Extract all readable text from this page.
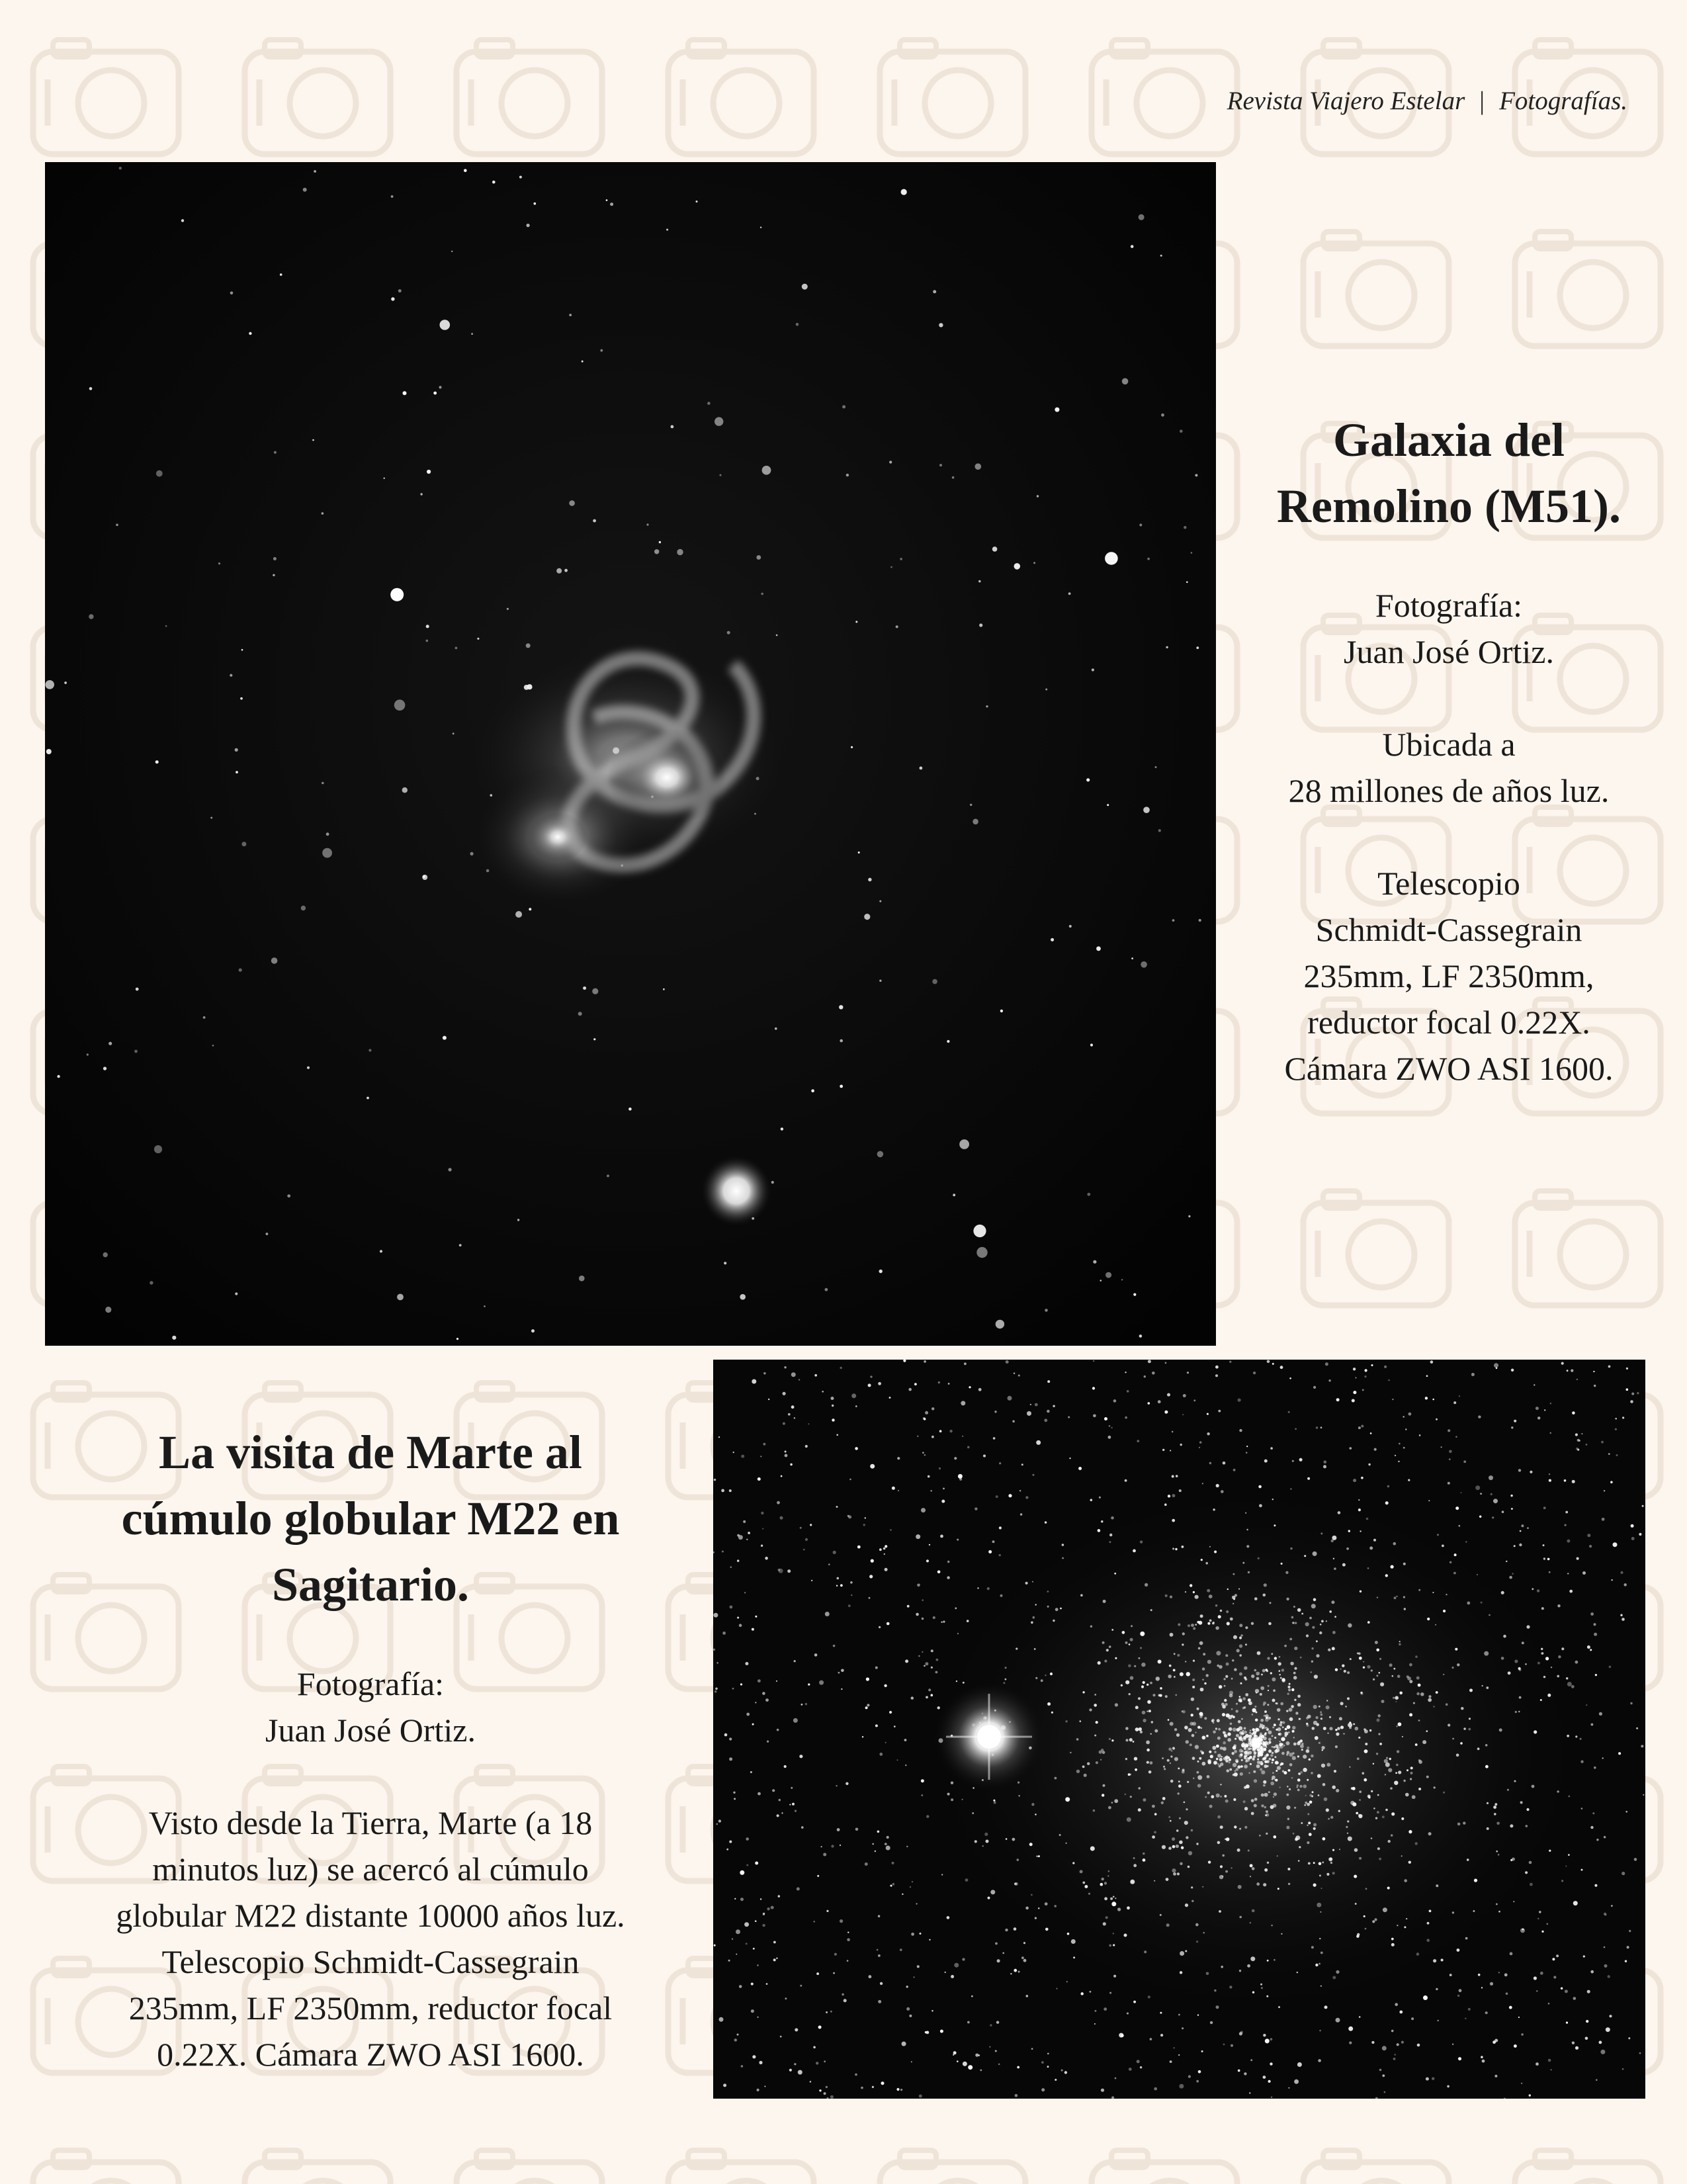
Revista Viajero Estelar | Fotografías.
Galaxia del
Remolino (M51).
Fotografía:
Juan José Ortiz.
Ubicada a
28 millones de años luz.
Telescopio
Schmidt-Cassegrain
235mm, LF 2350mm,
reductor focal 0.22X.
Cámara ZWO ASI 1600.
La visita de Marte al
cúmulo globular M22 en
Sagitario.
Fotografía:
Juan José Ortiz.
Visto desde la Tierra, Marte (a 18
minutos luz) se acercó al cúmulo
globular M22 distante 10000 años luz.
Telescopio Schmidt-Cassegrain
235mm, LF 2350mm, reductor focal
0.22X. Cámara ZWO ASI 1600.
